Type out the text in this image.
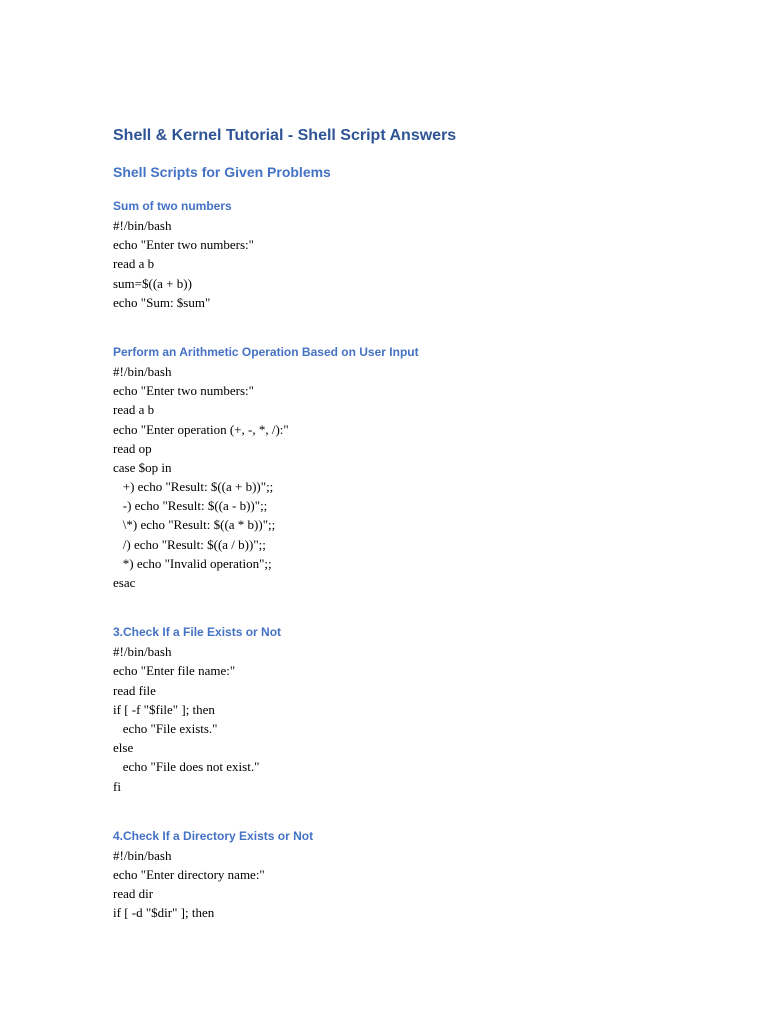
Shell & Kernel Tutorial - Shell Script Answers
Shell Scripts for Given Problems
Sum of two numbers
#!/bin/bash
echo "Enter two numbers:"
read a b
sum=$((a + b))
echo "Sum: $sum"
Perform an Arithmetic Operation Based on User Input
#!/bin/bash
echo "Enter two numbers:"
read a b
echo "Enter operation (+, -, *, /):"
read op
case $op in
+) echo "Result: $((a + b))";;
-) echo "Result: $((a - b))";;
\*) echo "Result: $((a * b))";;
/) echo "Result: $((a / b))";;
*) echo "Invalid operation";;
esac
3.Check If a File Exists or Not
#!/bin/bash
echo "Enter file name:"
read file
if [ -f "$file" ]; then
echo "File exists."
else
echo "File does not exist."
fi
4.Check If a Directory Exists or Not
#!/bin/bash
echo "Enter directory name:"
read dir
if [ -d "$dir" ]; then
